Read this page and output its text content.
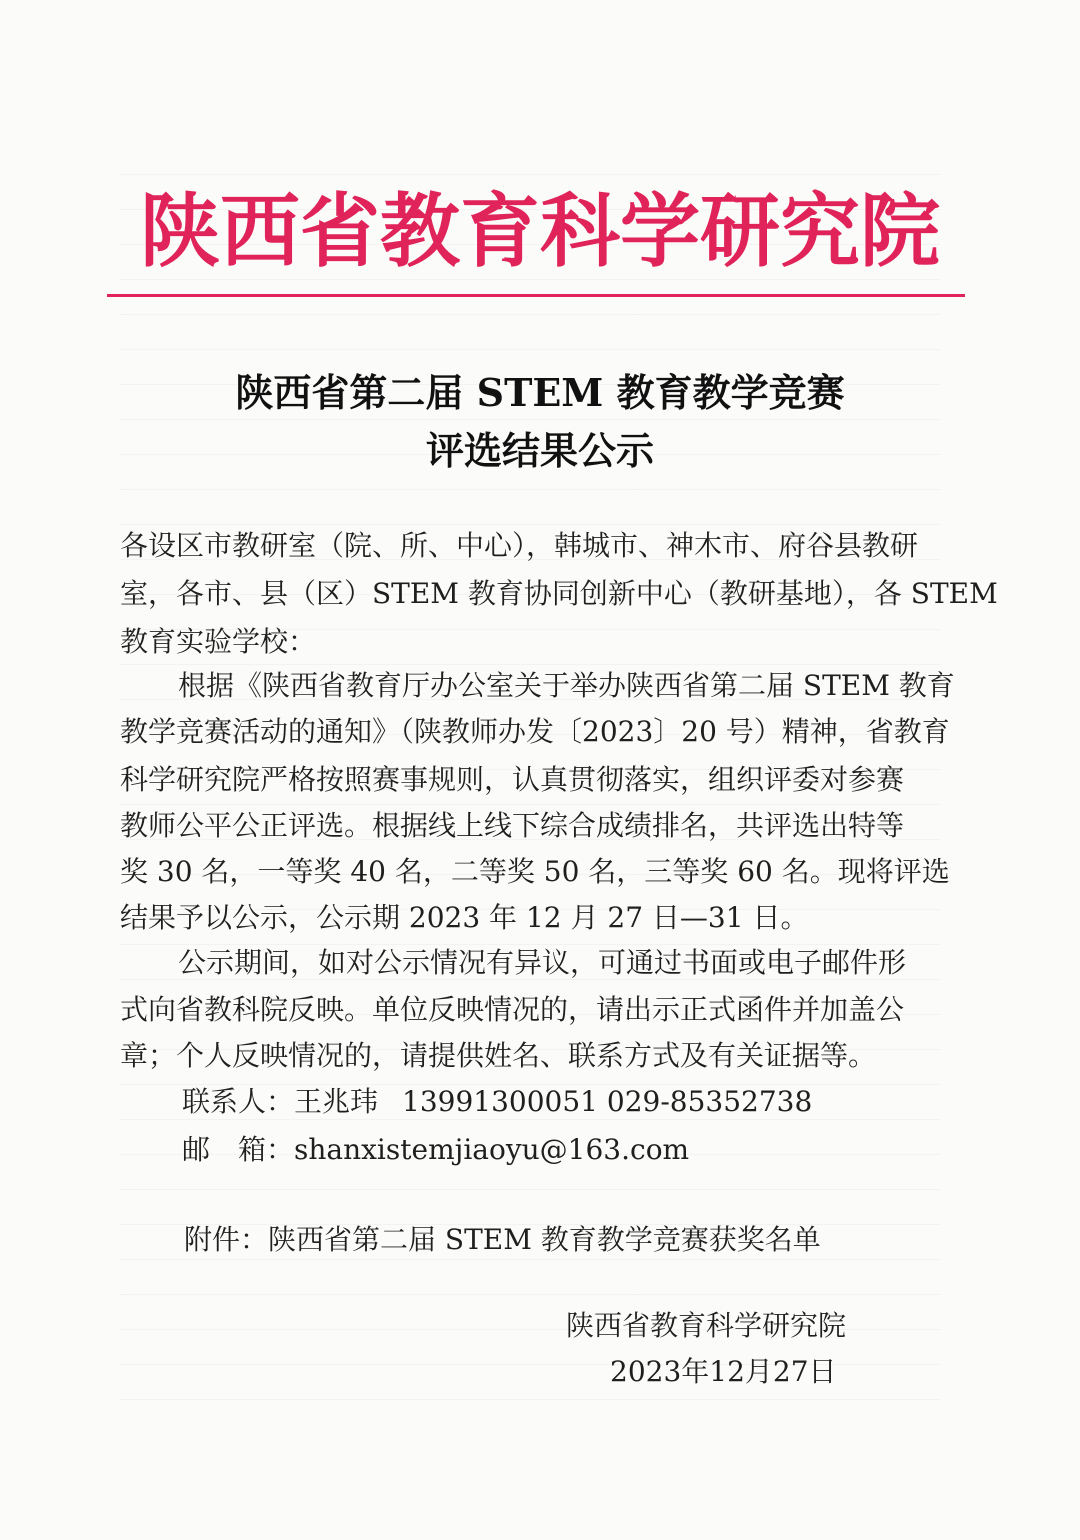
陕西省教育科学研究院
陕西省第二届 STEM 教育教学竞赛
评选结果公示
各设区市教研室（院、所、中心），韩城市、神木市、府谷县教研
室，各市、县（区）STEM 教育协同创新中心（教研基地），各 STEM
教育实验学校：
根据《陕西省教育厅办公室关于举办陕西省第二届 STEM 教育
教学竞赛活动的通知》（陕教师办发〔2023〕20 号）精神，省教育
科学研究院严格按照赛事规则，认真贯彻落实，组织评委对参赛
教师公平公正评选。根据线上线下综合成绩排名，共评选出特等
奖 30 名，一等奖 40 名，二等奖 50 名，三等奖 60 名。现将评选
结果予以公示，公示期 2023 年 12 月 27 日—31 日。
公示期间，如对公示情况有异议，可通过书面或电子邮件形
式向省教科院反映。单位反映情况的，请出示正式函件并加盖公
章；个人反映情况的，请提供姓名、联系方式及有关证据等。
联系人：王兆玮 13991300051 029-85352738
邮　箱：shanxistemjiaoyu@163.com
附件：陕西省第二届 STEM 教育教学竞赛获奖名单
陕西省教育科学研究院
2023年12月27日
